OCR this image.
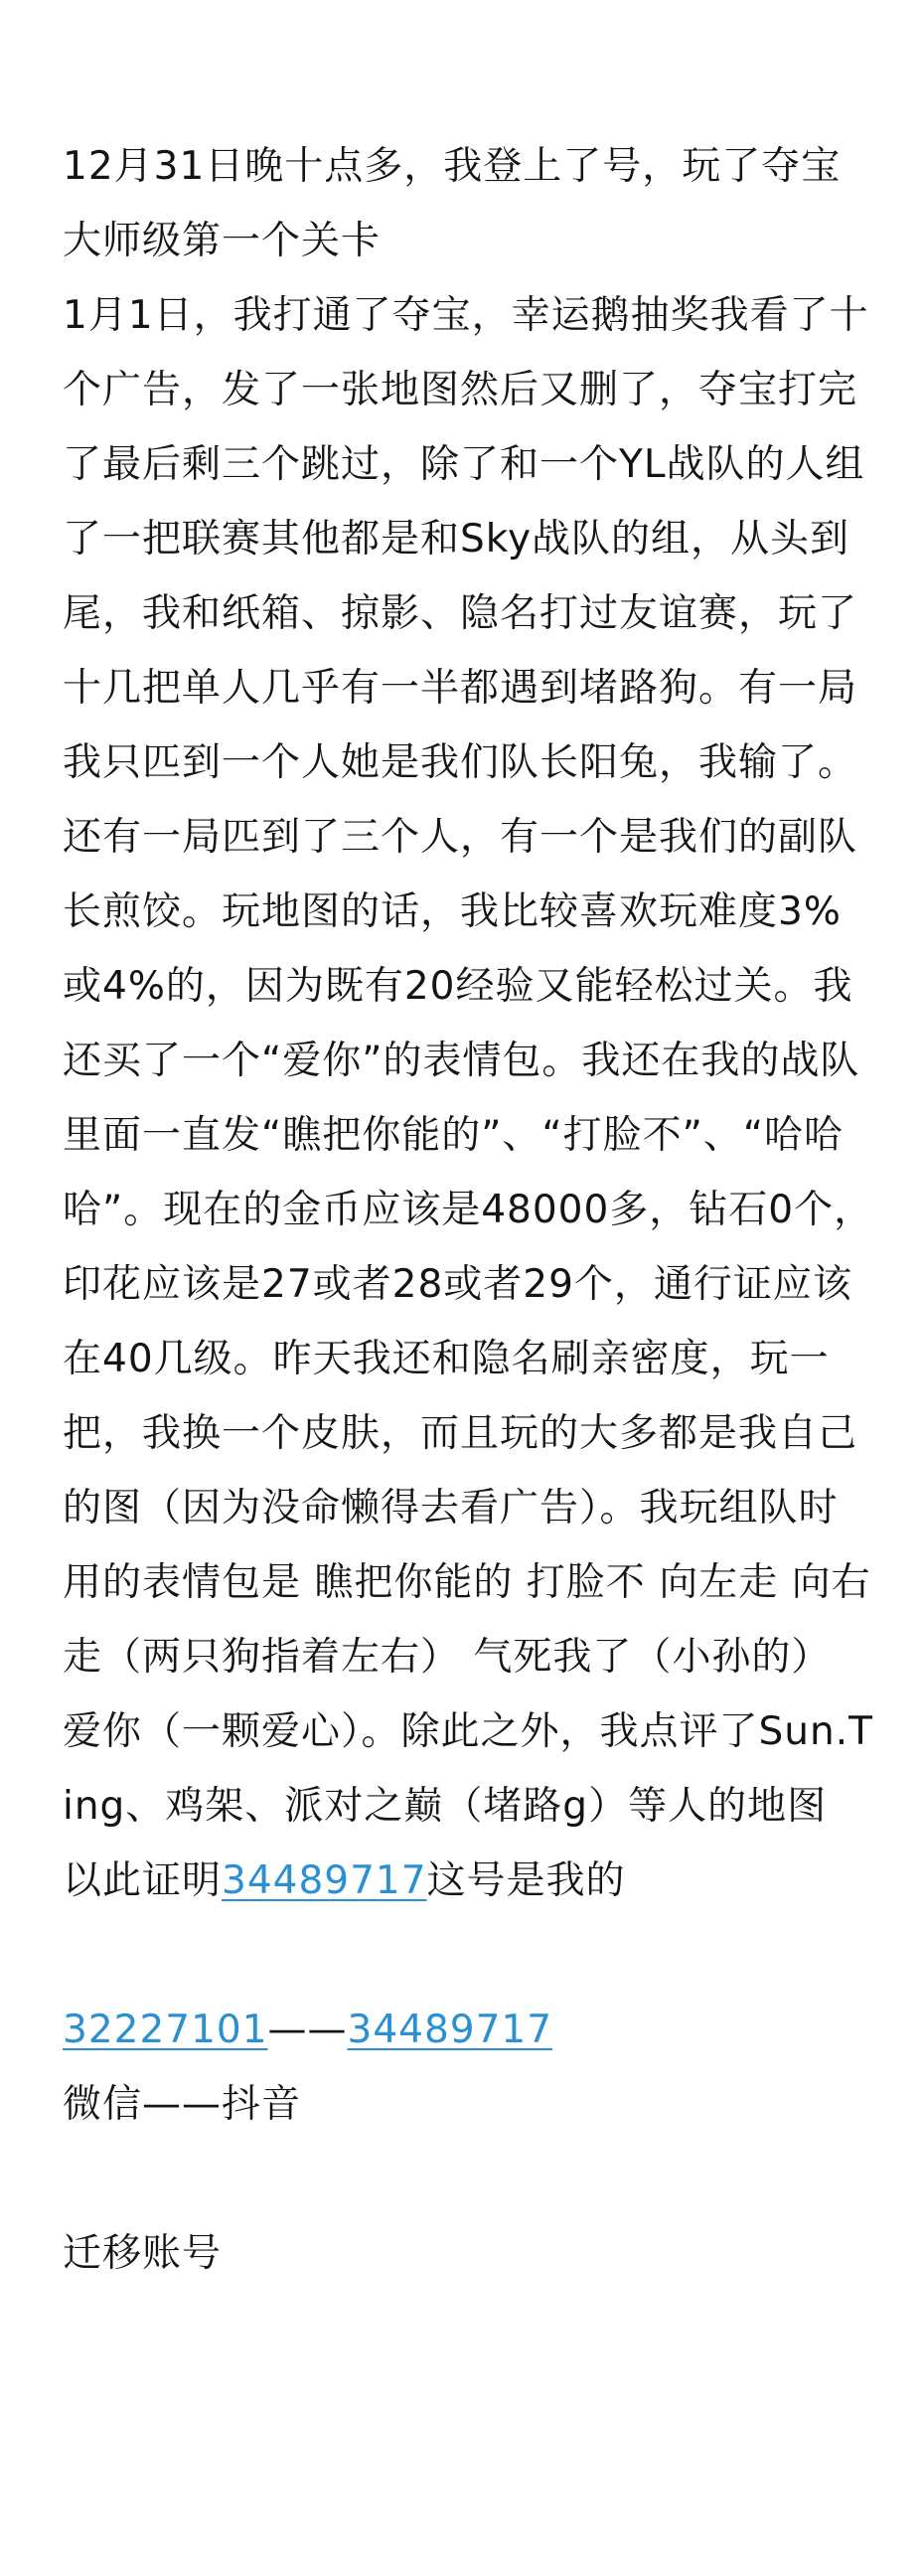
12月31日晚十点多，我登上了号，玩了夺宝大师级第一个关卡

1月1日，我打通了夺宝，幸运鹅抽奖我看了十个广告，发了一张地图然后又删了，夺宝打完了最后剩三个跳过，除了和一个YL战队的人组了一把联赛其他都是和Sky战队的组，从头到尾，我和纸箱、掠影、隐名打过友谊赛，玩了十几把单人几乎有一半都遇到堵路狗。有一局我只匹到一个人她是我们队长阳兔，我输了。还有一局匹到了三个人，有一个是我们的副队长煎饺。玩地图的话，我比较喜欢玩难度3%或4%的，因为既有20经验又能轻松过关。我还买了一个“爱你”的表情包。我还在我的战队里面一直发“瞧把你能的”、“打脸不”、“哈哈哈”。现在的金币应该是48000多，钻石0个，印花应该是27或者28或者29个，通行证应该在40几级。昨天我还和隐名刷亲密度，玩一把，我换一个皮肤，而且玩的大多都是我自己的图（因为没命懒得去看广告）。我玩组队时用的表情包是 瞧把你能的 打脸不 向左走 向右走（两只狗指着左右） 气死我了（小孙的） 爱你（一颗爱心）。除此之外，我点评了Sun.Ting、鸡架、派对之巅（堵路g）等人的地图

以此证明34489717这号是我的

32227101——34489717

微信——抖音

迁移账号
